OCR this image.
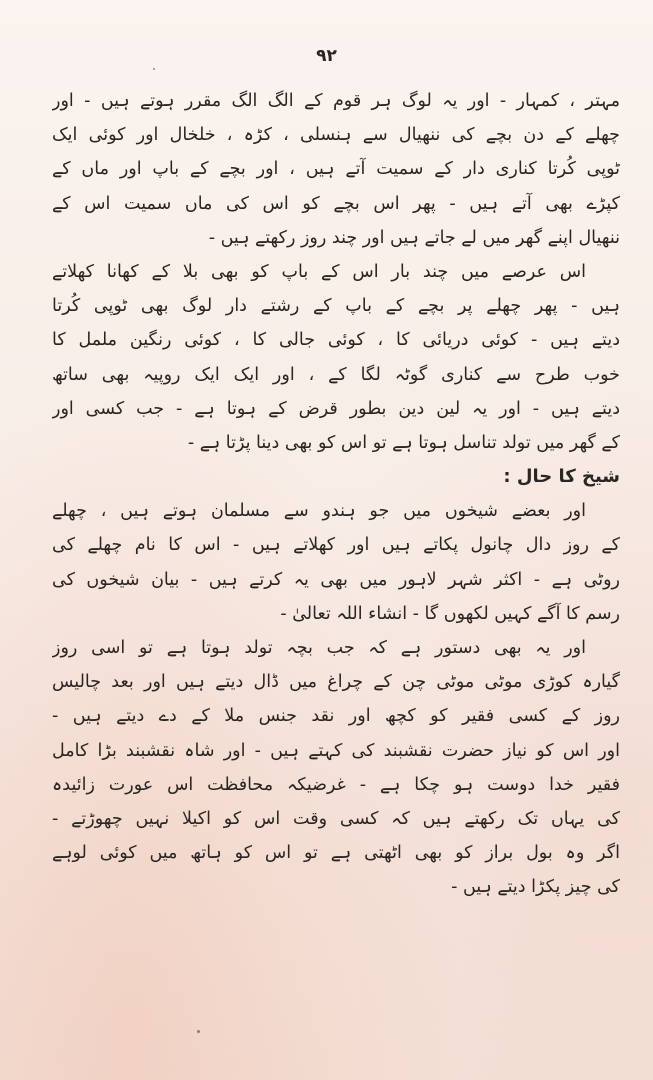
۹۲
مہتر ، کمہار - اور یہ لوگ ہر قوم کے الگ الگ مقرر ہوتے ہیں - اور
چھلے کے دن بچے کی ننھیال سے ہنسلی ، کڑہ ، خلخال اور کوئی ایک
ٹوپی کُرتا کناری دار کے سمیت آتے ہیں ، اور بچے کے باپ اور ماں کے
کپڑے بھی آتے ہیں - پھر اس بچے کو اس کی ماں سمیت اس کے
ننھیال اپنے گھر میں لے جاتے ہیں اور چند روز رکھتے ہیں -
اس عرصے میں چند بار اس کے باپ کو بھی بلا کے کھانا کھلاتے
ہیں - پھر چھلے پر بچے کے باپ کے رشتے دار لوگ بھی ٹوپی کُرتا
دیتے ہیں - کوئی دریائی کا ، کوئی جالی کا ، کوئی رنگین ململ کا
خوب طرح سے کناری گوٹہ لگا کے ، اور ایک ایک روپیہ بھی ساتھ
دیتے ہیں - اور یہ لین دین بطور قرض کے ہوتا ہے - جب کسی اور
کے گھر میں تولد تناسل ہوتا ہے تو اس کو بھی دینا پڑتا ہے -
شیخ کا حال :
اور بعضے شیخوں میں جو ہندو سے مسلمان ہوتے ہیں ، چھلے
کے روز دال چانول پکاتے ہیں اور کھلاتے ہیں - اس کا نام چھلے کی
روٹی ہے - اکثر شہر لاہور میں بھی یہ کرتے ہیں - بیان شیخوں کی
رسم کا آگے کہیں لکھوں گا - انشاء اللہ تعالیٰ -
اور یہ بھی دستور ہے کہ جب بچہ تولد ہوتا ہے تو اسی روز
گیارہ کوڑی موٹی موٹی چن کے چراغ میں ڈال دیتے ہیں اور بعد چالیس
روز کے کسی فقیر کو کچھ اور نقد جنس ملا کے دے دیتے ہیں -
اور اس کو نیاز حضرت نقشبند کی کہتے ہیں - اور شاہ نقشبند بڑا کامل
فقیر خدا دوست ہو چکا ہے - غرضیکہ محافظت اس عورت زائیدہ
کی یہاں تک رکھتے ہیں کہ کسی وقت اس کو اکیلا نہیں چھوڑتے -
اگر وہ بول براز کو بھی اٹھتی ہے تو اس کو ہاتھ میں کوئی لوہے
کی چیز پکڑا دیتے ہیں -
